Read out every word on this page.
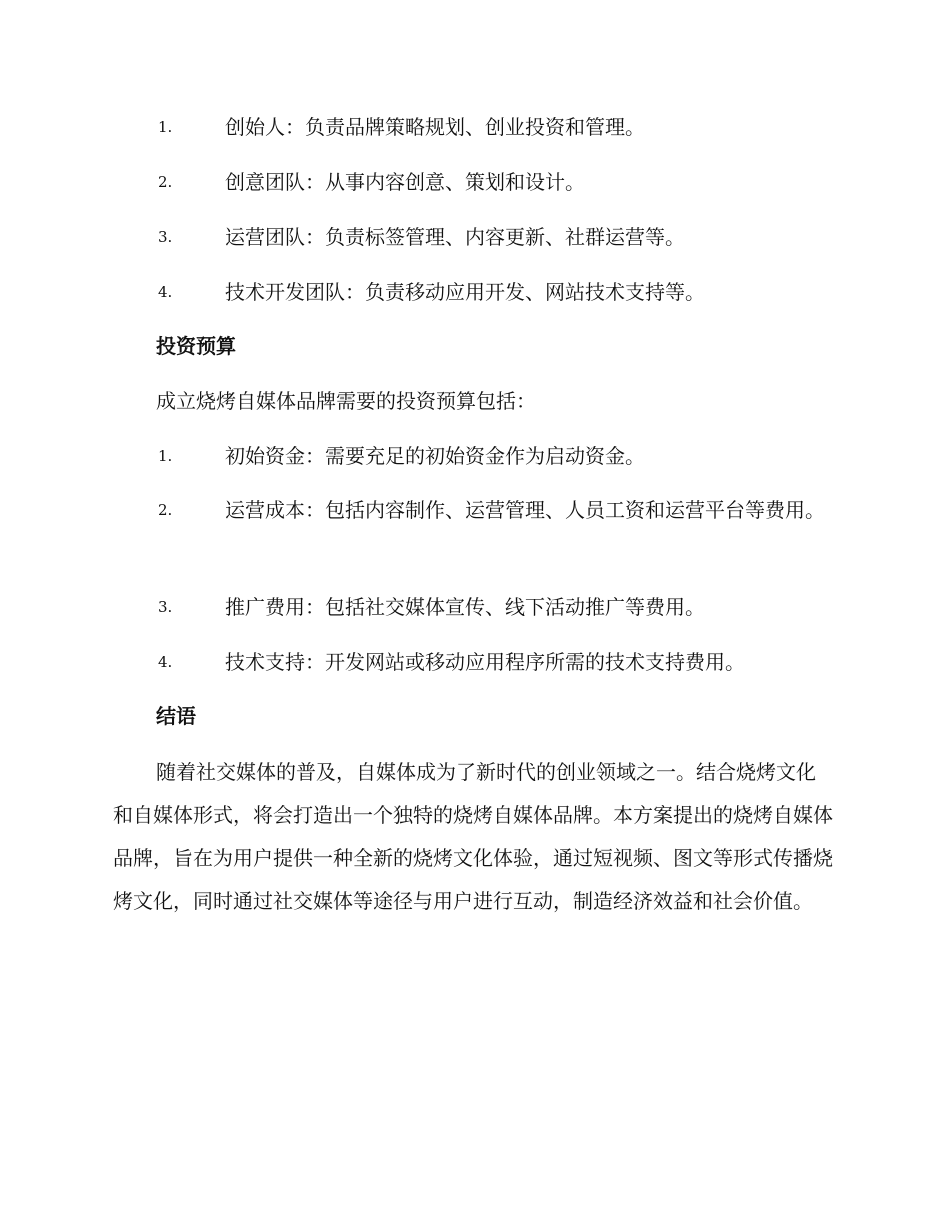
1.	创始人：负责品牌策略规划、创业投资和管理。
2.	创意团队：从事内容创意、策划和设计。
3.	运营团队：负责标签管理、内容更新、社群运营等。
4.	技术开发团队：负责移动应用开发、网站技术支持等。
投资预算
成立烧烤自媒体品牌需要的投资预算包括：
1.	初始资金：需要充足的初始资金作为启动资金。
2.	运营成本：包括内容制作、运营管理、人员工资和运营平台等费用。
3.	推广费用：包括社交媒体宣传、线下活动推广等费用。
4.	技术支持：开发网站或移动应用程序所需的技术支持费用。
结语
随着社交媒体的普及，自媒体成为了新时代的创业领域之一。结合烧烤文化和自媒体形式，将会打造出一个独特的烧烤自媒体品牌。本方案提出的烧烤自媒体品牌，旨在为用户提供一种全新的烧烤文化体验，通过短视频、图文等形式传播烧烤文化，同时通过社交媒体等途径与用户进行互动，制造经济效益和社会价值。
